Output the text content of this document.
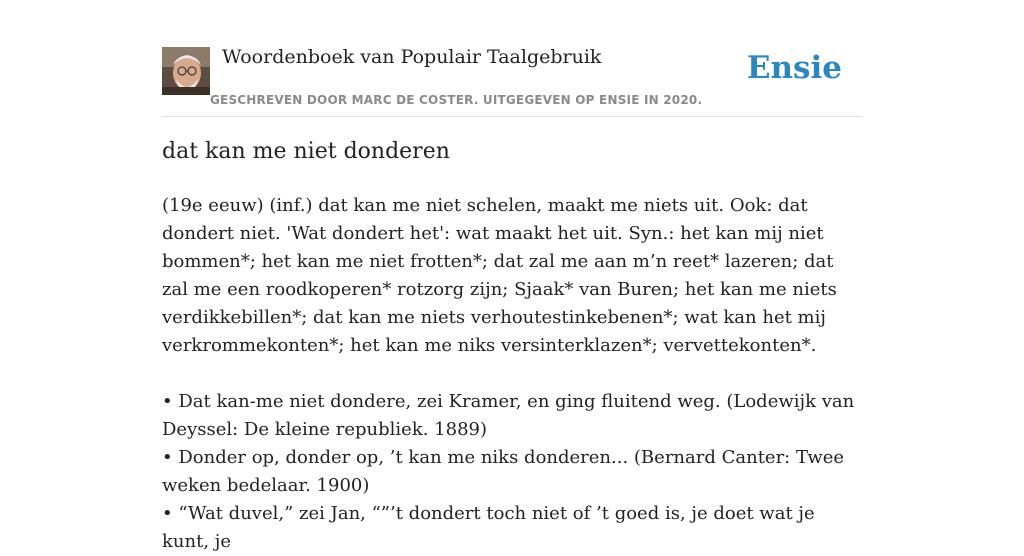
Woordenboek van Populair Taalgebruik
GESCHREVEN DOOR MARC DE COSTER. UITGEGEVEN OP ENSIE IN 2020.
Ensie
dat kan me niet donderen

(19e eeuw) (inf.) dat kan me niet schelen, maakt me niets uit. Ook: dat dondert niet. 'Wat dondert het': wat maakt het uit. Syn.: het kan mij niet bommen*; het kan me niet frotten*; dat zal me aan m’n reet* lazeren; dat zal me een roodkoperen* rotzorg zijn; Sjaak* van Buren; het kan me niets verdikkebillen*; dat kan me niets verhoutestinkebenen*; wat kan het mij verkrommekonten*; het kan me niks versinterklazen*; vervettekonten*.

• Dat kan-me niet dondere, zei Kramer, en ging fluitend weg. (Lodewijk van Deyssel: De kleine republiek. 1889)
• Donder op, donder op, ’t kan me niks donderen... (Bernard Canter: Twee weken bedelaar. 1900)
• “Wat duvel,” zei Jan, “”’t dondert toch niet of ’t goed is, je doet wat je kunt, je
